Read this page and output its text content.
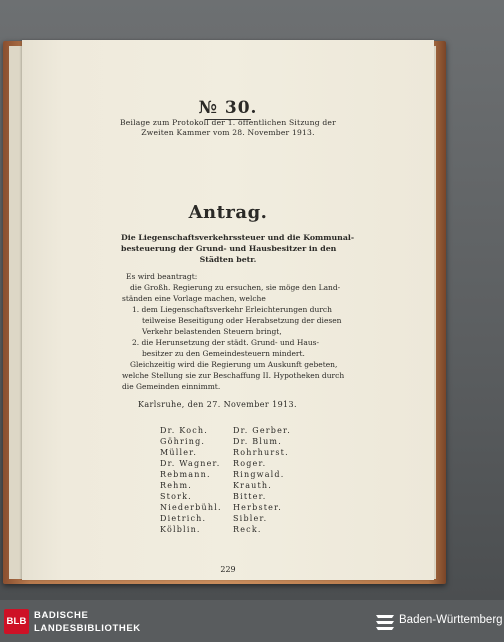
№ 30.
Beilage zum Protokoll der 1. öffentlichen Sitzung der
Zweiten Kammer vom 28. November 1913.
Antrag.
Die Liegenschaftsverkehrssteuer und die Kommunal-
besteuerung der Grund- und Hausbesitzer in den
Städten betr.
Es wird beantragt:
die Großh. Regierung zu ersuchen, sie möge den Land-
ständen eine Vorlage machen, welche
1. dem Liegenschaftsverkehr Erleichterungen durch
teilweise Beseitigung oder Herabsetzung der diesen
Verkehr belastenden Steuern bringt,
2. die Herunsetzung der städt. Grund- und Haus-
besitzer zu den Gemeindesteuern mindert.
Gleichzeitig wird die Regierung um Auskunft gebeten,
welche Stellung sie zur Beschaffung II. Hypotheken durch
die Gemeinden einnimmt.
Karlsruhe, den 27. November 1913.
Dr. Koch.
Göhring.
Müller.
Dr. Wagner.
Rebmann.
Rehm.
Stork.
Niederbühl.
Dietrich.
Kölblin.
Dr. Gerber.
Dr. Blum.
Rohrhurst.
Roger.
Ringwald.
Krauth.
Bitter.
Herbster.
Sibler.
Reck.
229
BLB
BADISCHE
LANDESBIBLIOTHEK
Baden-Württemberg
